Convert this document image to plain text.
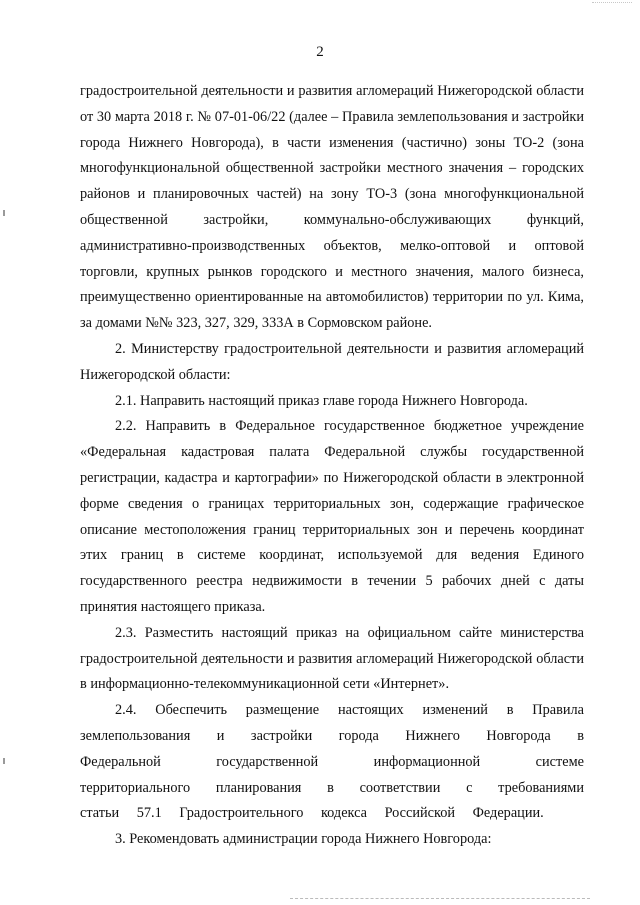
2

градостроительной деятельности и развития агломераций Нижегородской области от 30 марта 2018 г. № 07-01-06/22 (далее – Правила землепользования и застройки города Нижнего Новгорода), в части изменения (частично) зоны ТО-2 (зона многофункциональной общественной застройки местного значения – городских районов и планировочных частей) на зону ТО-3 (зона многофункциональной общественной застройки, коммунально-обслуживающих функций, административно-производственных объектов, мелко-оптовой и оптовой торговли, крупных рынков городского и местного значения, малого бизнеса, преимущественно ориентированные на автомобилистов) территории по ул. Кима, за домами №№ 323, 327, 329, 333А в Сормовском районе.

2. Министерству градостроительной деятельности и развития агломераций Нижегородской области:

2.1. Направить настоящий приказ главе города Нижнего Новгорода.

2.2. Направить в Федеральное государственное бюджетное учреждение «Федеральная кадастровая палата Федеральной службы государственной регистрации, кадастра и картографии» по Нижегородской области в электронной форме сведения о границах территориальных зон, содержащие графическое описание местоположения границ территориальных зон и перечень координат этих границ в системе координат, используемой для ведения Единого государственного реестра недвижимости в течении 5 рабочих дней с даты принятия настоящего приказа.

2.3. Разместить настоящий приказ на официальном сайте министерства градостроительной деятельности и развития агломераций Нижегородской области в информационно-телекоммуникационной сети «Интернет».

2.4. Обеспечить размещение настоящих изменений в Правила землепользования и застройки города Нижнего Новгорода в Федеральной государственной информационной системе территориального планирования в соответствии с требованиями статьи 57.1 Градостроительного кодекса Российской Федерации.

3. Рекомендовать администрации города Нижнего Новгорода:
